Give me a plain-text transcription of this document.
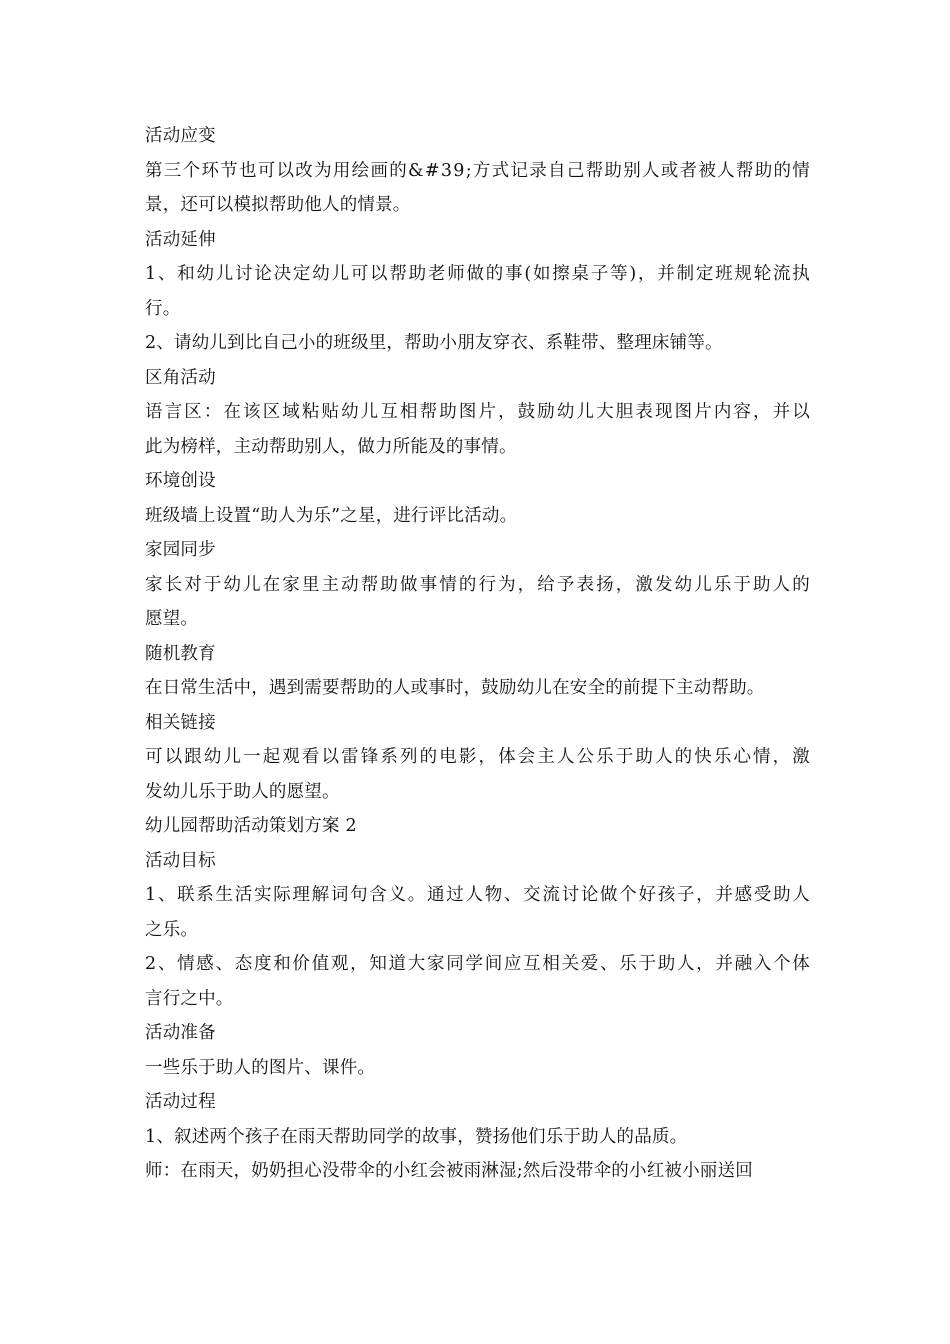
活动应变
第三个环节也可以改为用绘画的&#39;方式记录自己帮助别人或者被人帮助的情
景，还可以模拟帮助他人的情景。
活动延伸
1、和幼儿讨论决定幼儿可以帮助老师做的事(如擦桌子等)，并制定班规轮流执
行。
2、请幼儿到比自己小的班级里，帮助小朋友穿衣、系鞋带、整理床铺等。
区角活动
语言区：在该区域粘贴幼儿互相帮助图片，鼓励幼儿大胆表现图片内容，并以
此为榜样，主动帮助别人，做力所能及的事情。
环境创设
班级墙上设置“助人为乐”之星，进行评比活动。
家园同步
家长对于幼儿在家里主动帮助做事情的行为，给予表扬，激发幼儿乐于助人的
愿望。
随机教育
在日常生活中，遇到需要帮助的人或事时，鼓励幼儿在安全的前提下主动帮助。
相关链接
可以跟幼儿一起观看以雷锋系列的电影，体会主人公乐于助人的快乐心情，激
发幼儿乐于助人的愿望。
幼儿园帮助活动策划方案 2
活动目标
1、联系生活实际理解词句含义。通过人物、交流讨论做个好孩子，并感受助人
之乐。
2、情感、态度和价值观，知道大家同学间应互相关爱、乐于助人，并融入个体
言行之中。
活动准备
一些乐于助人的图片、课件。
活动过程
1、叙述两个孩子在雨天帮助同学的故事，赞扬他们乐于助人的品质。
师：在雨天，奶奶担心没带伞的小红会被雨淋湿;然后没带伞的小红被小丽送回
